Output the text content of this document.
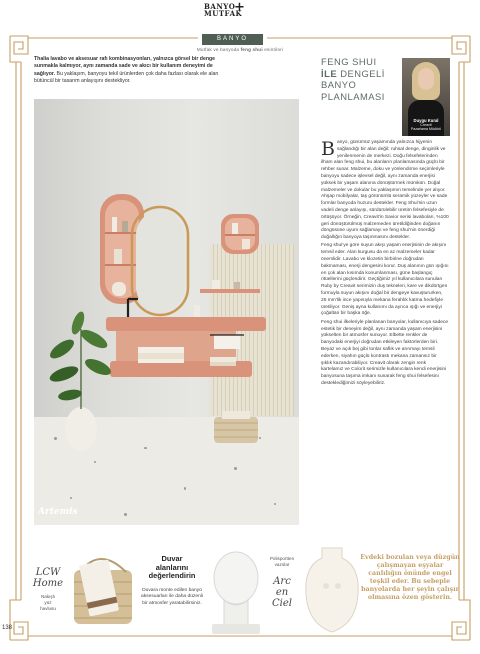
BANYO
MUTFAK
+
BANYO
Mutfak ve banyoda feng shui esintiləri
Thalia lavabo ve aksesuar rafı kombinasyonları, yalnızca görsel bir denge sunmakla kalmıyor, aynı zamanda sade ve akıcı bir kullanım deneyimi de sağlıyor. Bu yaklaşım, banyoyu tekil ürünlerden çok daha fazlası olarak ele alan bütüncül bir tasarım anlayışını destekliyor.
Artemis
FENG SHUI
İLE DENGELİ
BANYO
PLANLAMASI
Duygu Kural
Creavit
Pazarlama Müdürü

Banyo, günümüz yaşamında yalnızca hijyenin sağlandığı bir alan değil; ruhsal denge, dinginlik ve yenilenmenin de merkezi. Doğu felsefelerinden ilham alan feng shui, bu alanların planlamasında güçlü bir rehber sunar. Malzeme, doku ve yönlendirme seçimleriyle banyoyu sadece işlevsel değil, aynı zamanda enerjisi yüksek bir yaşam alanına dönüştürmek mümkün. Doğal malzemeler ve dokular bu yaklaşımın temelinde yer alıyor. Ahşap mobilyalar, taş görünümlü seramik yüzeyler ve sade formlar banyoda huzuru destekler. Feng Shui'nin uzun vadeli denge anlayışı, sürdürülebilir üretim felsefesiyle de örtüşüyor. Örneğin, Creavit'in Savior serisi lavaboları, %100 geri dönüştürülmüş malzemeden üretildiğinden doğanın döngüsüne uyum sağlamayı ve feng shui'nin önerdiği doğallığın banyoya taşınmasını destekler.

Feng shui'ye göre suyun akışı yaşam enerjisinin de akışını temsil eder. Alan kurgusu da en az malzemeler kadar önemlidir. Lavabo ve klozetin birbirine doğrudan bakmaması, enerji dengesini korur. Duş alanının gün ışığını en çok alan kısımda konumlanması, güne başlangıç ritüellerini güçlendirir. Geçtiğimiz yıl kullanıcılara sunulan Ruby by Creavit serimizin duş tekneleri, kare ve dikdörtgen formuyla suyun akışını doğal bir dengeye kavuştururken, 25 mm'lik ince yapısıyla mekana ferahlık katma hedefiyle üretiliyor. Geniş aynа kullanımı da ayrıca ışığı ve enerjiyi çoğaltan bir başka öğe.

Feng shui ilkeleriyle planlanan banyolar, kullanıcıya sadece estetik bir deneyim değil, aynı zamanda yaşam enerjisini yükselten bir atmosfer sunuyor. Elbette renkler de banyodaki enerjiyi doğrudan etkileyen faktörlerden biri. Beyaz ve açık bej gibi tonlar saflık ve arınmayı temsil ederken, siyahın güçlü kontrastı mekana zamansız bir şıklık kazandırabiliyor. Creavit olarak zengin renk kartelamız ve Colorit serimizle kullanıcılara kendi enerjisini banyosuna taşıma imkanı sunarak feng shui felsefesini desteklediğimizi söyleyebiliriz.

LCW
Home
Nakışlı
yüz
havlusu
Duvar
alanlarını
değerlendirin
Duvara monte edilen banyo aksesuarları ile daha düzenli bir atmosfer yaratabilirsiniz.
Polisportten
vazolar
Arc
en
Ciel
Evdeki bozulan veya düzgün çalışmayan eşyalar canlılığın önünde engel teşkil eder. Bu sebeple banyolarda her şeyin çalışır olmasına özen gösterin.
138
